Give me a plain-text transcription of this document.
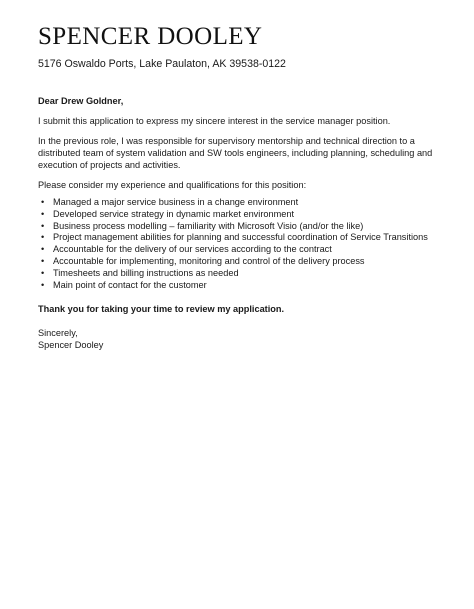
SPENCER DOOLEY
5176 Oswaldo Ports, Lake Paulaton, AK 39538-0122

Dear Drew Goldner,

I submit this application to express my sincere interest in the service manager position.

In the previous role, I was responsible for supervisory mentorship and technical direction to a distributed team of system validation and SW tools engineers, including planning, scheduling and execution of projects and activities.

Please consider my experience and qualifications for this position:

• Managed a major service business in a change environment
• Developed service strategy in dynamic market environment
• Business process modelling – familiarity with Microsoft Visio (and/or the like)
• Project management abilities for planning and successful coordination of Service Transitions
• Accountable for the delivery of our services according to the contract
• Accountable for implementing, monitoring and control of the delivery process
• Timesheets and billing instructions as needed
• Main point of contact for the customer

Thank you for taking your time to review my application.

Sincerely,

Spencer Dooley
